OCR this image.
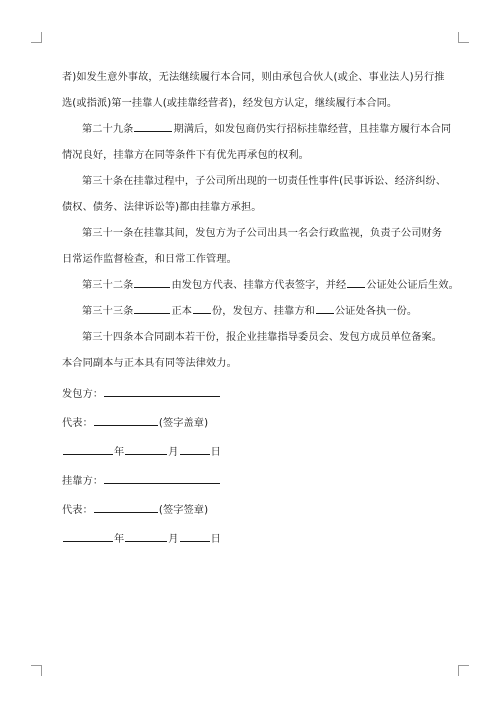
者)如发生意外事故，无法继续履行本合同，则由承包合伙人(或企、事业法人)另行推
选(或指派)第一挂靠人(或挂靠经营者)，经发包方认定，继续履行本合同。
第二十九条	期满后，如发包商仍实行招标挂靠经营，且挂靠方履行本合同
情况良好，挂靠方在同等条件下有优先再承包的权利。
第三十条在挂靠过程中，子公司所出现的一切责任性事件(民事诉讼、经济纠纷、
债权、债务、法律诉讼等)都由挂靠方承担。
第三十一条在挂靠其间，发包方为子公司出具一名会行政监视，负责子公司财务
日常运作监督检查，和日常工作管理。
第三十二条	由发包方代表、挂靠方代表签字，并经 公证处公证后生效。
第三十三条	正本 份，发包方、挂靠方和 公证处各执一份。
第三十四条本合同副本若干份，报企业挂靠指导委员会、发包方成员单位备案。
本合同副本与正本具有同等法律效力。
发包方：
代表：	(签字盖章)
年	月	日
挂靠方：
代表：	(签字签章)
年	月	日
